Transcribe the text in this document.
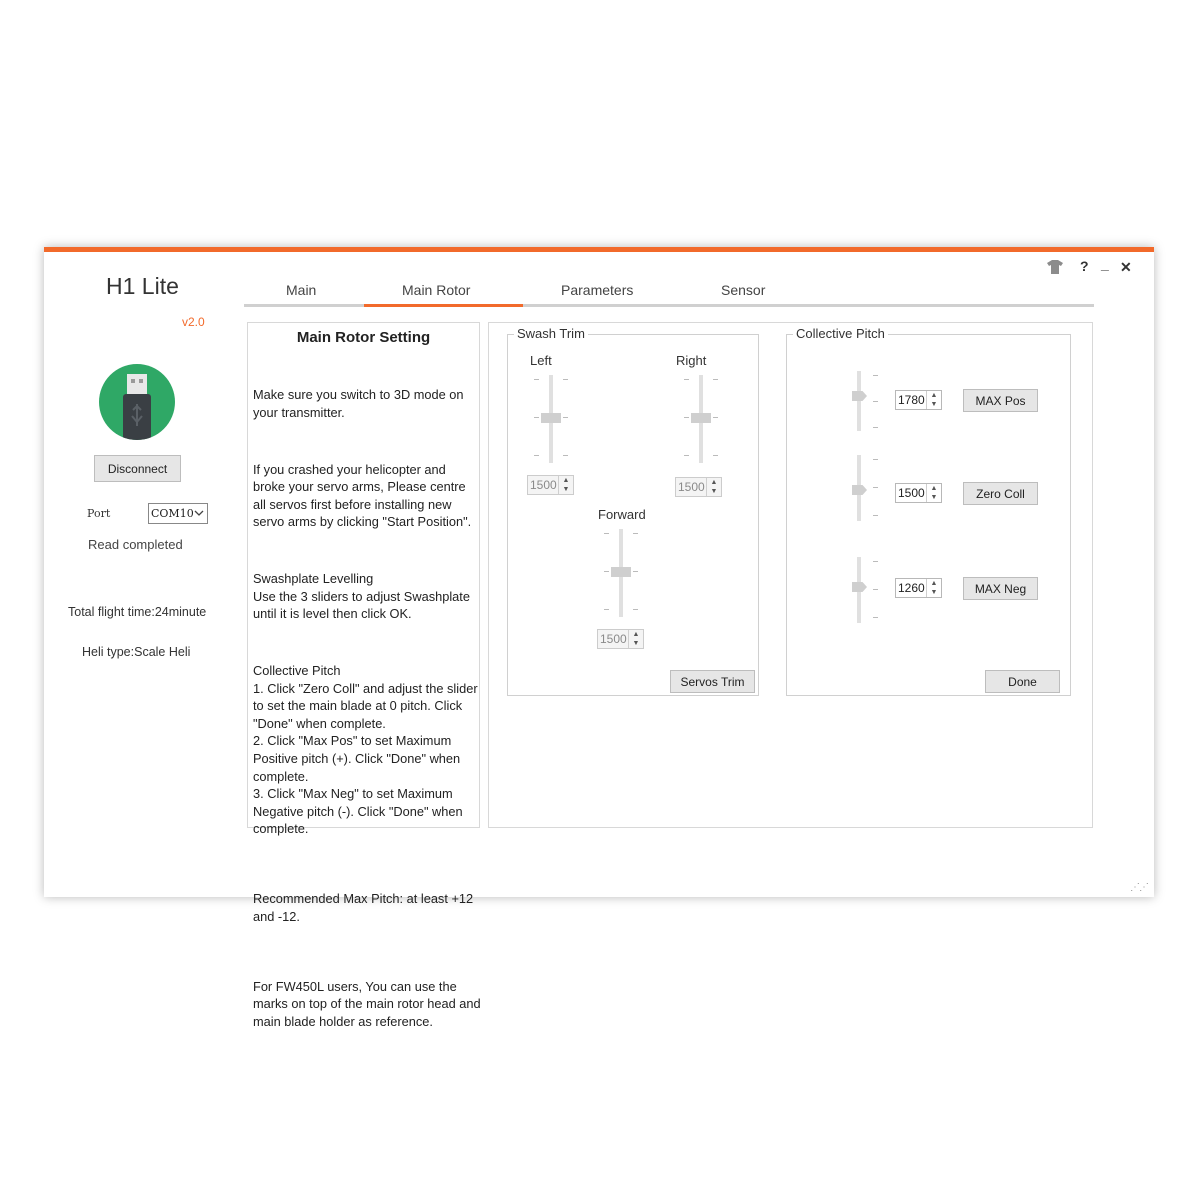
? _ ✕
H1 Lite
v2.0
Disconnect
Port	COM10
Read completed
Total flight time:24minute
Heli type:Scale Heli
Main	Main Rotor	Parameters	Sensor
Main Rotor Setting

Make sure you switch to 3D mode on your transmitter.

If you crashed your helicopter and broke your servo arms, Please centre all servos first before installing new servo arms by clicking "Start Position".

Swashplate Levelling
Use the 3 sliders to adjust Swashplate until it is level then click OK.

Collective Pitch
1. Click "Zero Coll" and adjust the slider to set the main blade at 0 pitch. Click "Done" when complete.
2. Click "Max Pos" to set Maximum Positive pitch (+). Click "Done" when complete.
3. Click "Max Neg" to set Maximum Negative pitch (-). Click "Done" when complete.

Recommended Max Pitch: at least +12 and -12.

For FW450L users, You can use the marks on top of the main rotor head and main blade holder as reference.

Swash Trim
Left
1500 ▲
▼
Right
1500 ▲
▼
Forward
1500 ▲
▼
Servos Trim
Collective Pitch
1780 ▲
▼	MAX Pos
1500 ▲
▼	Zero Coll
1260 ▲
▼	MAX Neg
Done
⋰⋰
